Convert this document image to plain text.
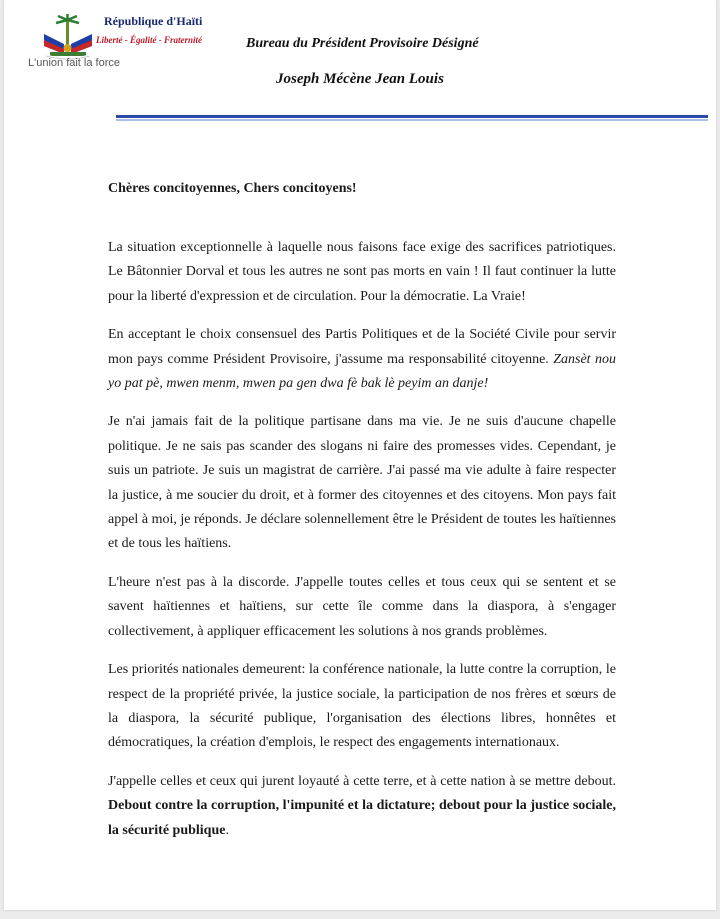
République d'Haïti
Liberté - Égalité - Fraternité
L'union fait la force
Bureau du Président Provisoire Désigné
Joseph Mécène Jean Louis

Chères concitoyennes, Chers concitoyens!

La situation exceptionnelle à laquelle nous faisons face exige des sacrifices patriotiques. Le Bâtonnier Dorval et tous les autres ne sont pas morts en vain ! Il faut continuer la lutte pour la liberté d'expression et de circulation. Pour la démocratie. La Vraie!

En acceptant le choix consensuel des Partis Politiques et de la Société Civile pour servir mon pays comme Président Provisoire, j'assume ma responsabilité citoyenne. Zansèt nou yo pat pè, mwen menm, mwen pa gen dwa fè bak lè peyim an danje!

Je n'ai jamais fait de la politique partisane dans ma vie. Je ne suis d'aucune chapelle politique. Je ne sais pas scander des slogans ni faire des promesses vides. Cependant, je suis un patriote. Je suis un magistrat de carrière. J'ai passé ma vie adulte à faire respecter la justice, à me soucier du droit, et à former des citoyennes et des citoyens. Mon pays fait appel à moi, je réponds. Je déclare solennellement être le Président de toutes les haïtiennes et de tous les haïtiens.

L'heure n'est pas à la discorde. J'appelle toutes celles et tous ceux qui se sentent et se savent haïtiennes et haïtiens, sur cette île comme dans la diaspora, à s'engager collectivement, à appliquer efficacement les solutions à nos grands problèmes.

Les priorités nationales demeurent: la conférence nationale, la lutte contre la corruption, le respect de la propriété privée, la justice sociale, la participation de nos frères et sœurs de la diaspora, la sécurité publique, l'organisation des élections libres, honnêtes et démocratiques, la création d'emplois, le respect des engagements internationaux.

J'appelle celles et ceux qui jurent loyauté à cette terre, et à cette nation à se mettre debout. Debout contre la corruption, l'impunité et la dictature; debout pour la justice sociale, la sécurité publique.
